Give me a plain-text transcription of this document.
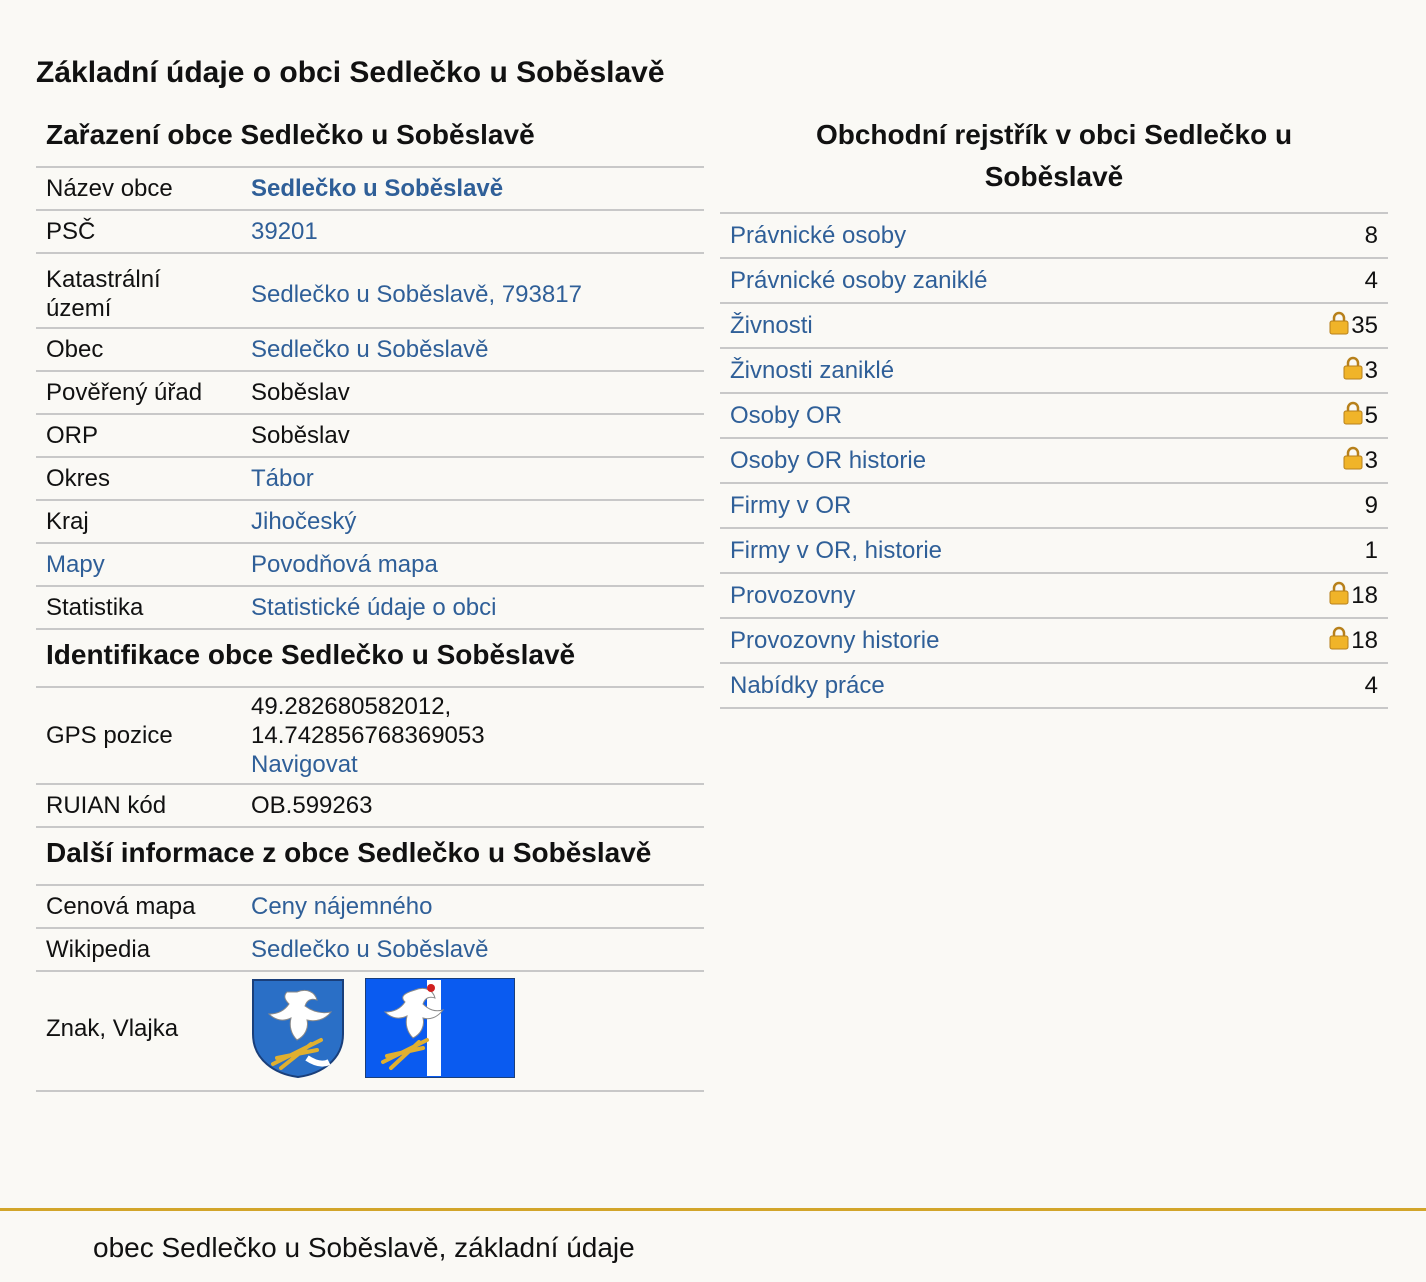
Základní údaje o obci Sedlečko u Soběslavě
Zařazení obce Sedlečko u Soběslavě
Název obce	Sedlečko u Soběslavě
PSČ	39201
Katastrální území	Sedlečko u Soběslavě, 793817
Obec	Sedlečko u Soběslavě
Pověřený úřad	Soběslav
ORP	Soběslav
Okres	Tábor
Kraj	Jihočeský
Mapy	Povodňová mapa
Statistika	Statistické údaje o obci
Identifikace obce Sedlečko u Soběslavě
GPS pozice	49.282680582012,
14.742856768369053
Navigovat
RUIAN kód	OB.599263
Další informace z obce Sedlečko u Soběslavě
Cenová mapa	Ceny nájemného
Wikipedia	Sedlečko u Soběslavě
Znak, Vlajka	
Obchodní rejstřík v obci Sedlečko u Soběslavě
Právnické osoby	8
Právnické osoby zaniklé	4
Živnosti	35
Živnosti zaniklé	3
Osoby OR	5
Osoby OR historie	3
Firmy v OR	9
Firmy v OR, historie	1
Provozovny	18
Provozovny historie	18
Nabídky práce	4
obec Sedlečko u Soběslavě, základní údaje
